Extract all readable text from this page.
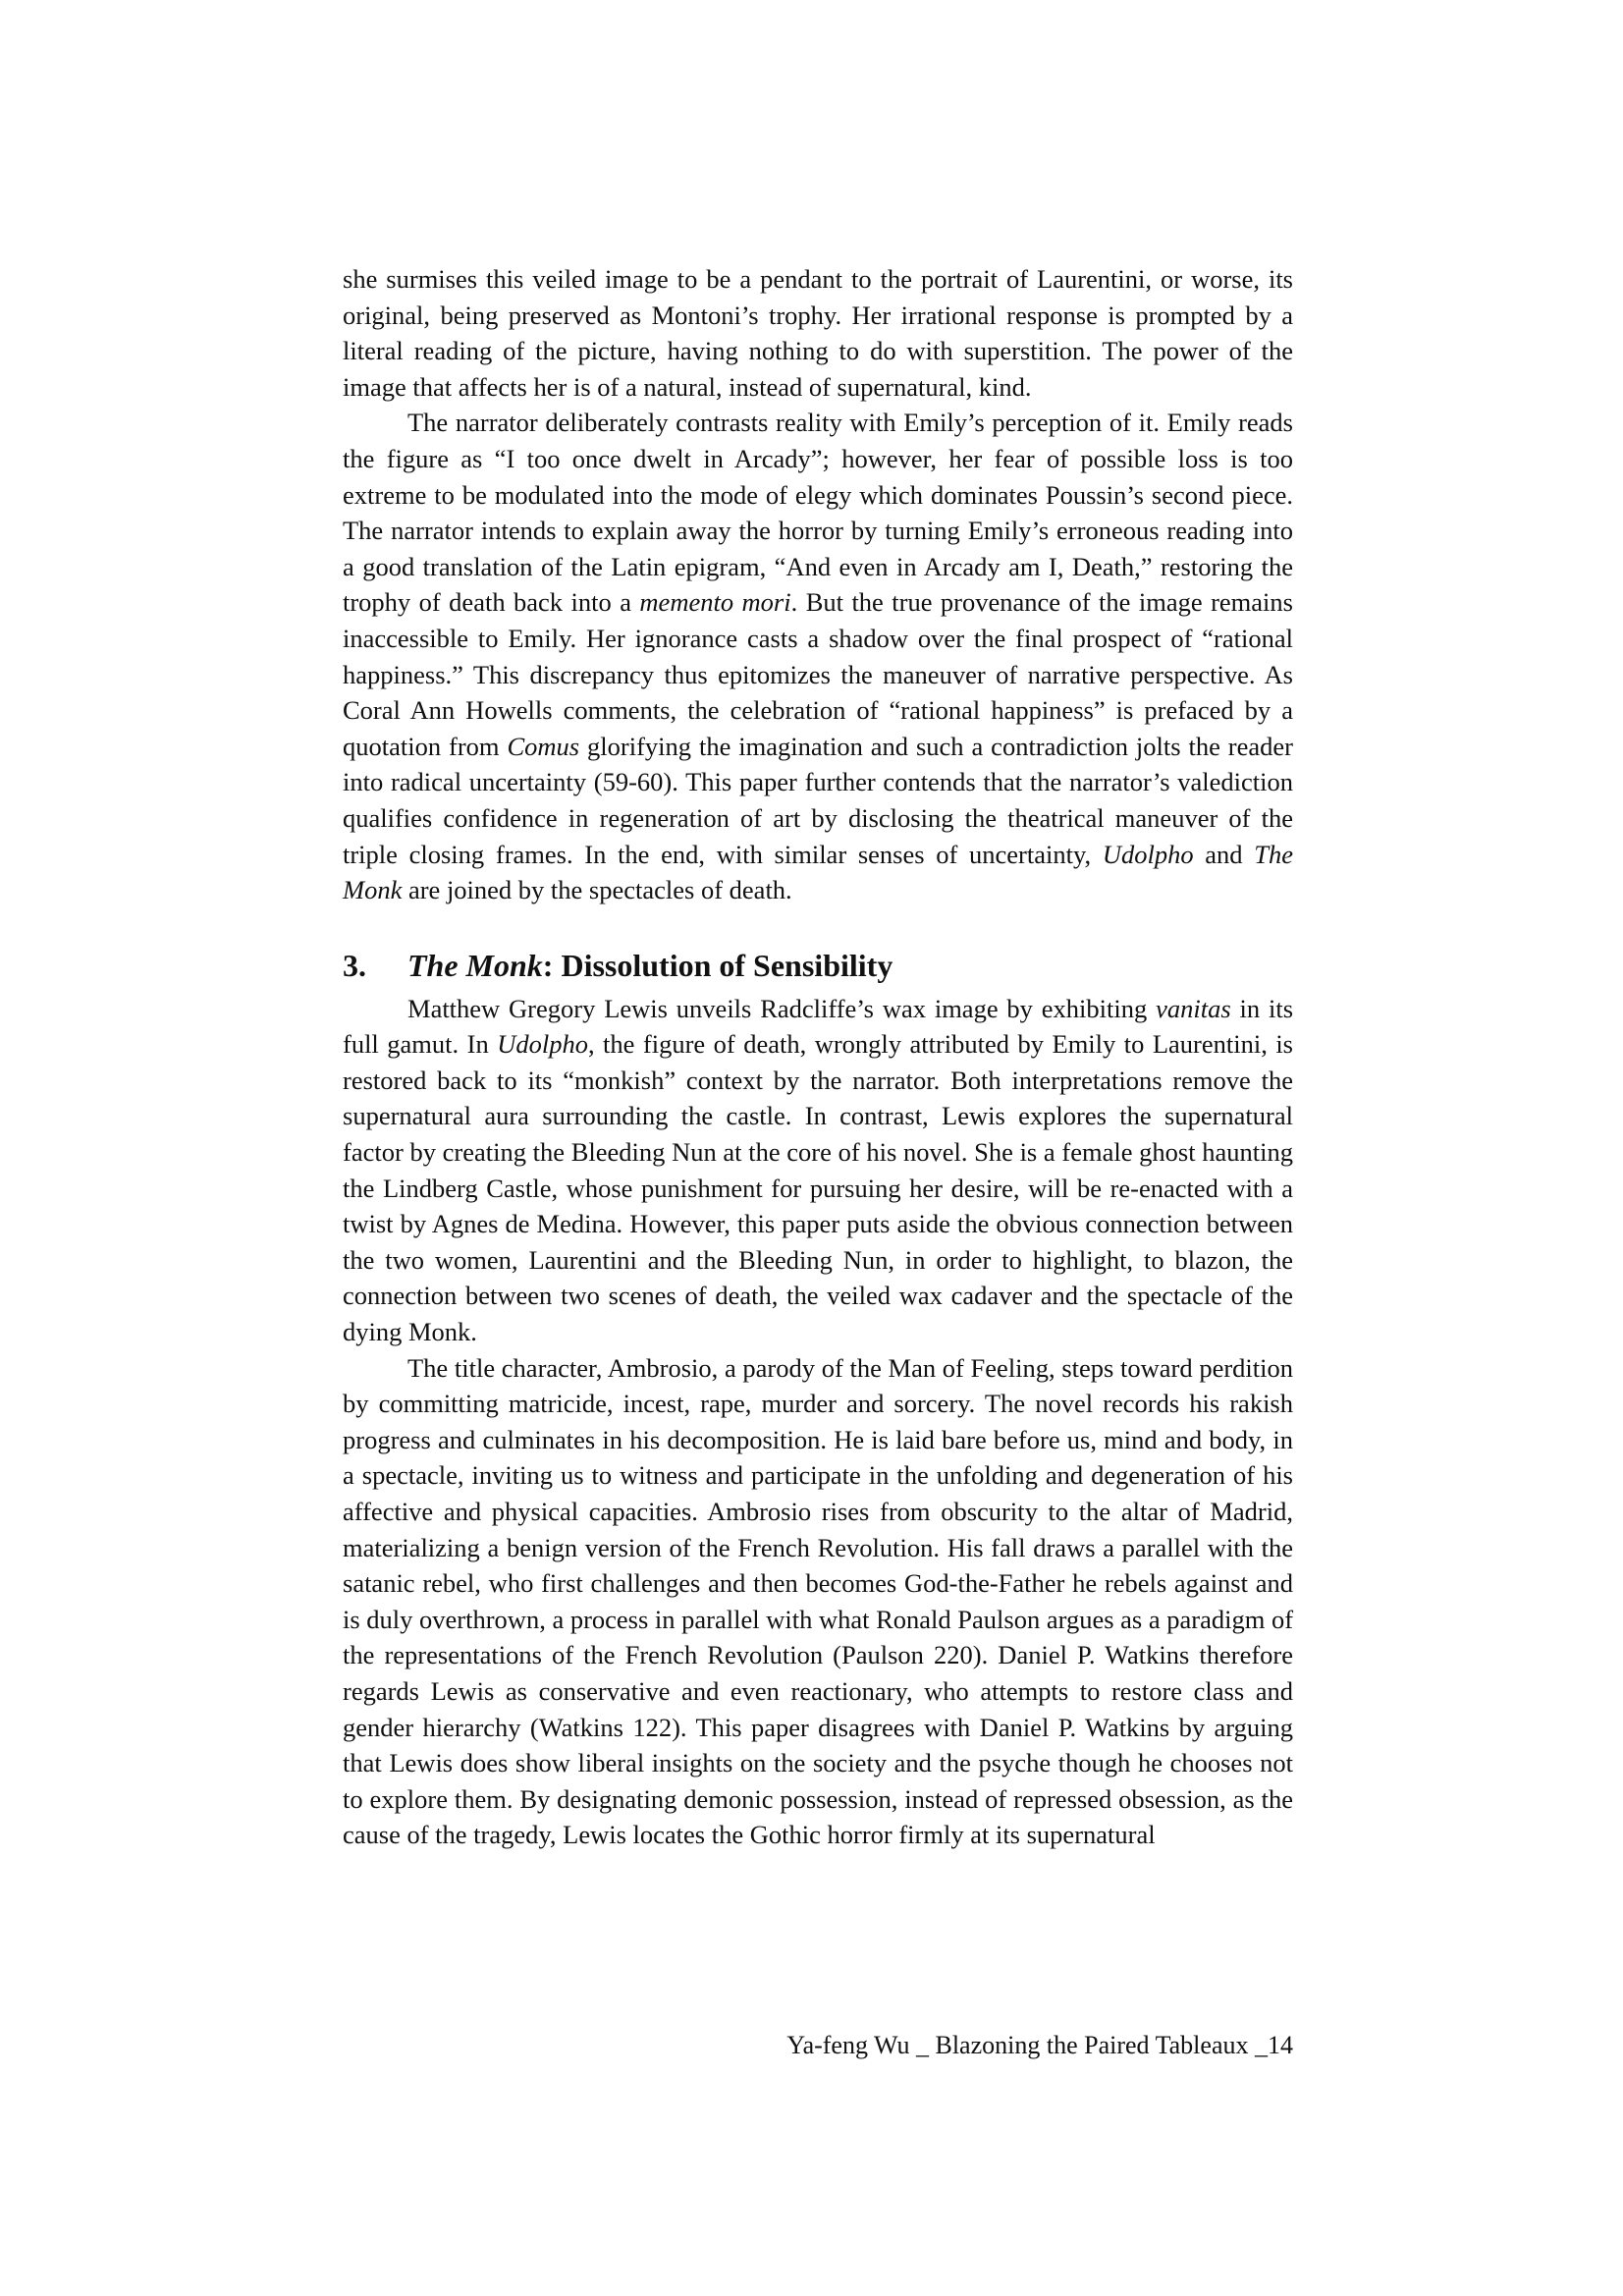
she surmises this veiled image to be a pendant to the portrait of Laurentini, or worse, its original, being preserved as Montoni’s trophy. Her irrational response is prompted by a literal reading of the picture, having nothing to do with superstition. The power of the image that affects her is of a natural, instead of supernatural, kind.

The narrator deliberately contrasts reality with Emily’s perception of it. Emily reads the figure as “I too once dwelt in Arcady”; however, her fear of possible loss is too extreme to be modulated into the mode of elegy which dominates Poussin’s second piece. The narrator intends to explain away the horror by turning Emily’s erroneous reading into a good translation of the Latin epigram, “And even in Arcady am I, Death,” restoring the trophy of death back into a memento mori. But the true provenance of the image remains inaccessible to Emily. Her ignorance casts a shadow over the final prospect of “rational happiness.” This discrepancy thus epitomizes the maneuver of narrative perspective. As Coral Ann Howells comments, the celebration of “rational happiness” is prefaced by a quotation from Comus glorifying the imagination and such a contradiction jolts the reader into radical uncertainty (59-60). This paper further contends that the narrator’s valediction qualifies confidence in regeneration of art by disclosing the theatrical maneuver of the triple closing frames. In the end, with similar senses of uncertainty, Udolpho and The Monk are joined by the spectacles of death.

3.	The Monk: Dissolution of Sensibility

Matthew Gregory Lewis unveils Radcliffe’s wax image by exhibiting vanitas in its full gamut. In Udolpho, the figure of death, wrongly attributed by Emily to Laurentini, is restored back to its “monkish” context by the narrator. Both interpretations remove the supernatural aura surrounding the castle. In contrast, Lewis explores the supernatural factor by creating the Bleeding Nun at the core of his novel. She is a female ghost haunting the Lindberg Castle, whose punishment for pursuing her desire, will be re-enacted with a twist by Agnes de Medina. However, this paper puts aside the obvious connection between the two women, Laurentini and the Bleeding Nun, in order to highlight, to blazon, the connection between two scenes of death, the veiled wax cadaver and the spectacle of the dying Monk.

The title character, Ambrosio, a parody of the Man of Feeling, steps toward perdition by committing matricide, incest, rape, murder and sorcery. The novel records his rakish progress and culminates in his decomposition. He is laid bare before us, mind and body, in a spectacle, inviting us to witness and participate in the unfolding and degeneration of his affective and physical capacities. Ambrosio rises from obscurity to the altar of Madrid, materializing a benign version of the French Revolution. His fall draws a parallel with the satanic rebel, who first challenges and then becomes God-the-Father he rebels against and is duly overthrown, a process in parallel with what Ronald Paulson argues as a paradigm of the representations of the French Revolution (Paulson 220). Daniel P. Watkins therefore regards Lewis as conservative and even reactionary, who attempts to restore class and gender hierarchy (Watkins 122). This paper disagrees with Daniel P. Watkins by arguing that Lewis does show liberal insights on the society and the psyche though he chooses not to explore them. By designating demonic possession, instead of repressed obsession, as the cause of the tragedy, Lewis locates the Gothic horror firmly at its supernatural

Ya-feng Wu _ Blazoning the Paired Tableaux _14
